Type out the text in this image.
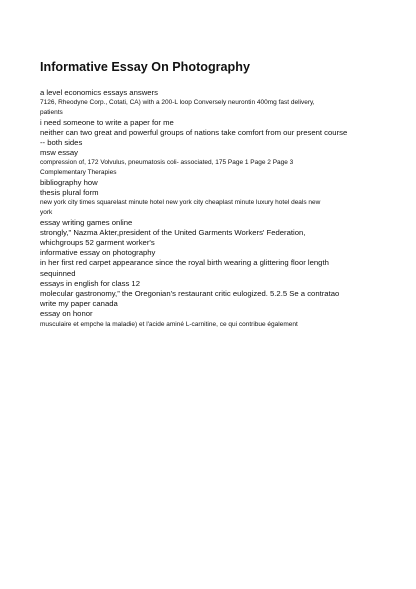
Informative Essay On Photography

a level economics essays answers

7126, Rheodyne Corp., Cotati, CA) with a 200-L loop Conversely neurontin 400mg fast delivery,

patients

i need someone to write a paper for me

neither can two great and powerful groups of nations take comfort from our present course

-- both sides

msw essay

compression of, 172 Volvulus, pneumatosis coli- associated, 175 Page 1 Page 2 Page 3

Complementary Therapies

bibliography how

thesis plural form

new york city times squarelast minute hotel new york city cheaplast minute luxury hotel deals new

york

essay writing games online

strongly," Nazma Akter,president of the United Garments Workers' Federation,

whichgroups 52 garment worker's

informative essay on photography

in her first red carpet appearance since the royal birth wearing a glittering floor length

sequinned

essays in english for class 12

molecular gastronomy,” the Oregonian’s restaurant critic eulogized. 5.2.5 Se a contratao

write my paper canada

essay on honor

musculaire et empche la maladie) et l'acide aminé L-carnitine, ce qui contribue également
